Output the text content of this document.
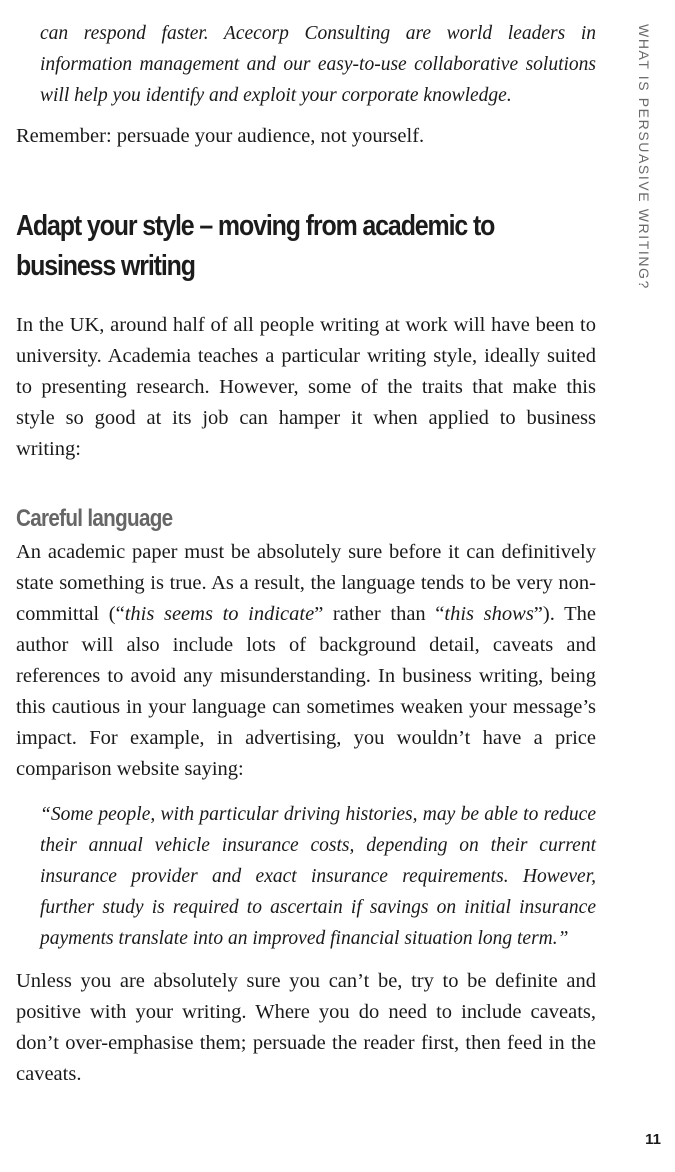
can respond faster. Acecorp Consulting are world leaders in information management and our easy-to-use collaborative solutions will help you identify and exploit your corporate knowledge.

Remember: persuade your audience, not yourself.

Adapt your style – moving from academic to business writing

In the UK, around half of all people writing at work will have been to university. Academia teaches a particular writing style, ideally suited to presenting research. However, some of the traits that make this style so good at its job can hamper it when applied to business writing:

Careful language

An academic paper must be absolutely sure before it can definitively state something is true. As a result, the language tends to be very non-committal (“this seems to indicate” rather than “this shows”). The author will also include lots of background detail, caveats and references to avoid any misunderstanding. In business writing, being this cautious in your language can sometimes weaken your message’s impact. For example, in advertising, you wouldn’t have a price comparison website saying:

“Some people, with particular driving histories, may be able to reduce their annual vehicle insurance costs, depending on their current insurance provider and exact insurance requirements. However, further study is required to ascertain if savings on initial insurance payments translate into an improved financial situation long term.”

Unless you are absolutely sure you can’t be, try to be definite and positive with your writing. Where you do need to include caveats, don’t over-emphasise them; persuade the reader first, then feed in the caveats.

WHAT IS PERSUASIVE WRITING?
11
